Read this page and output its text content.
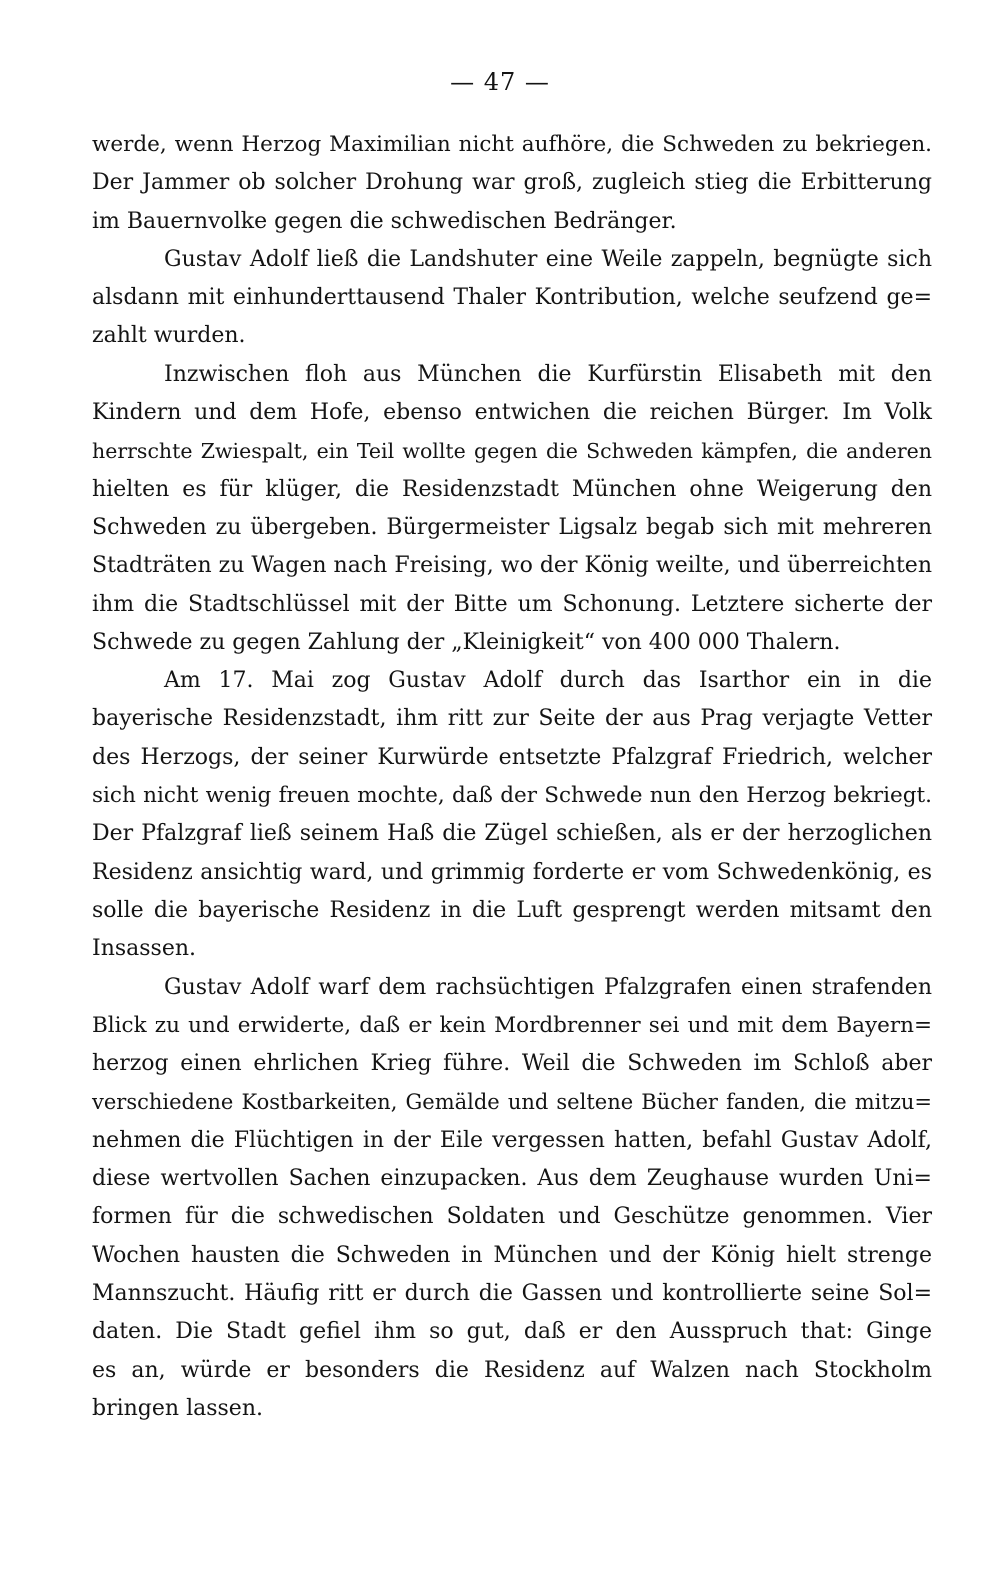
— 47 —
werde, wenn Herzog Maximilian nicht aufhöre, die Schweden zu bekriegen.
Der Jammer ob solcher Drohung war groß, zugleich stieg die Erbitterung
im Bauernvolke gegen die schwedischen Bedränger.
Gustav Adolf ließ die Landshuter eine Weile zappeln, begnügte sich
alsdann mit einhunderttausend Thaler Kontribution, welche seufzend ge=
zahlt wurden.
Inzwischen floh aus München die Kurfürstin Elisabeth mit den
Kindern und dem Hofe, ebenso entwichen die reichen Bürger. Im Volk
herrschte Zwiespalt, ein Teil wollte gegen die Schweden kämpfen, die anderen
hielten es für klüger, die Residenzstadt München ohne Weigerung den
Schweden zu übergeben. Bürgermeister Ligsalz begab sich mit mehreren
Stadträten zu Wagen nach Freising, wo der König weilte, und überreichten
ihm die Stadtschlüssel mit der Bitte um Schonung. Letztere sicherte der
Schwede zu gegen Zahlung der „Kleinigkeit“ von 400 000 Thalern.
Am 17. Mai zog Gustav Adolf durch das Isarthor ein in die
bayerische Residenzstadt, ihm ritt zur Seite der aus Prag verjagte Vetter
des Herzogs, der seiner Kurwürde entsetzte Pfalzgraf Friedrich, welcher
sich nicht wenig freuen mochte, daß der Schwede nun den Herzog bekriegt.
Der Pfalzgraf ließ seinem Haß die Zügel schießen, als er der herzoglichen
Residenz ansichtig ward, und grimmig forderte er vom Schwedenkönig, es
solle die bayerische Residenz in die Luft gesprengt werden mitsamt den
Insassen.
Gustav Adolf warf dem rachsüchtigen Pfalzgrafen einen strafenden
Blick zu und erwiderte, daß er kein Mordbrenner sei und mit dem Bayern=
herzog einen ehrlichen Krieg führe. Weil die Schweden im Schloß aber
verschiedene Kostbarkeiten, Gemälde und seltene Bücher fanden, die mitzu=
nehmen die Flüchtigen in der Eile vergessen hatten, befahl Gustav Adolf,
diese wertvollen Sachen einzupacken. Aus dem Zeughause wurden Uni=
formen für die schwedischen Soldaten und Geschütze genommen. Vier
Wochen hausten die Schweden in München und der König hielt strenge
Mannszucht. Häufig ritt er durch die Gassen und kontrollierte seine Sol=
daten. Die Stadt gefiel ihm so gut, daß er den Ausspruch that: Ginge
es an, würde er besonders die Residenz auf Walzen nach Stockholm
bringen lassen.
